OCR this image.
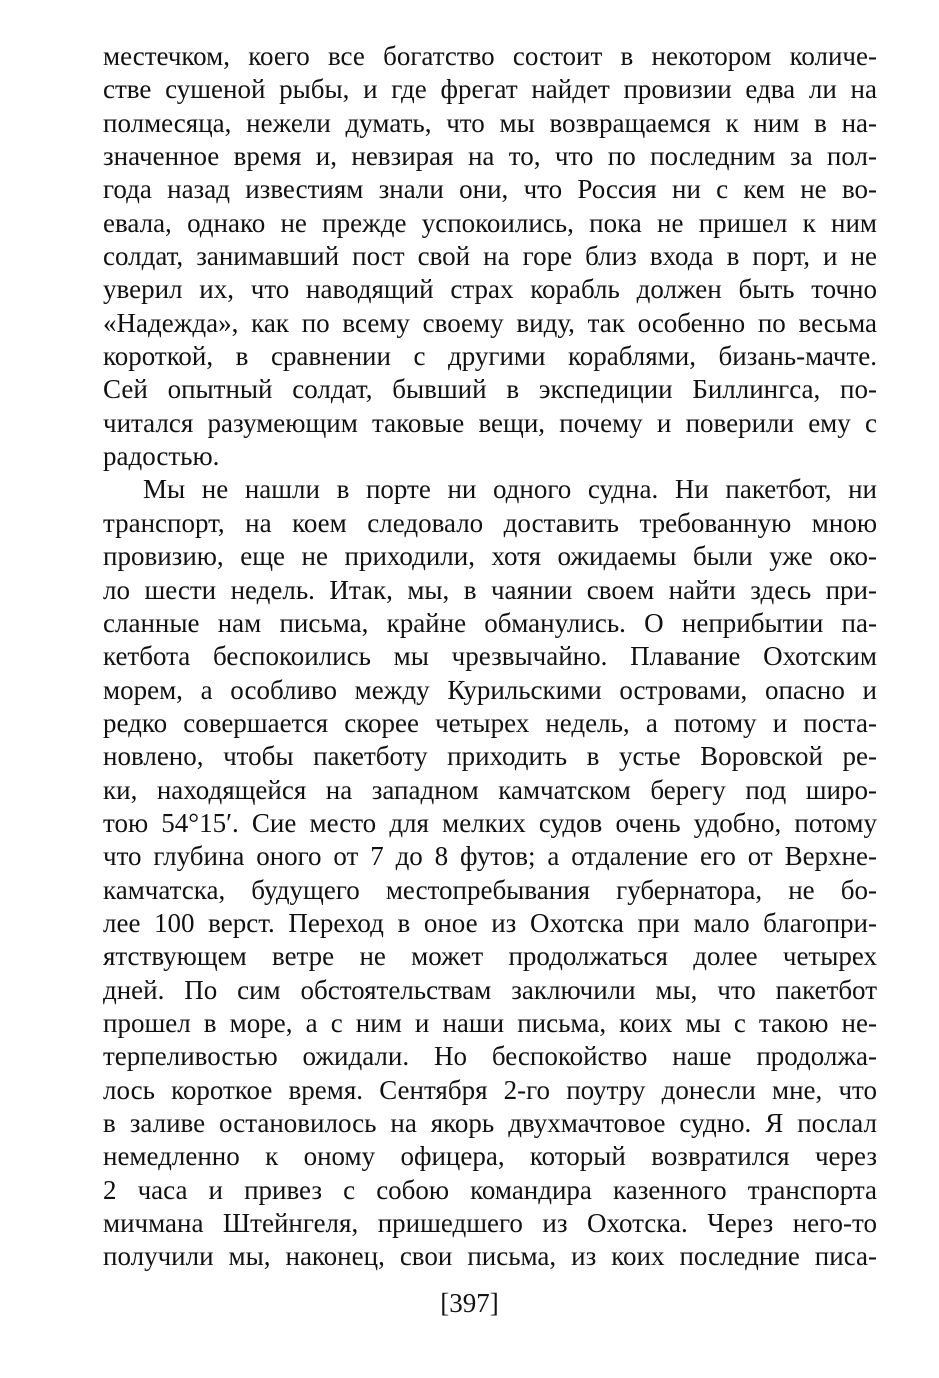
местечком, коего все богатство состоит в некотором количе-
стве сушеной рыбы, и где фрегат найдет провизии едва ли на
полмесяца, нежели думать, что мы возвращаемся к ним в на-
значенное время и, невзирая на то, что по последним за пол-
года назад известиям знали они, что Россия ни с кем не во-
евала, однако не прежде успокоились, пока не пришел к ним
солдат, занимавший пост свой на горе близ входа в порт, и не
уверил их, что наводящий страх корабль должен быть точно
«Надежда», как по всему своему виду, так особенно по весьма
короткой, в сравнении с другими кораблями, бизань-мачте.
Сей опытный солдат, бывший в экспедиции Биллингса, по-
читался разумеющим таковые вещи, почему и поверили ему с
радостью.
Мы не нашли в порте ни одного судна. Ни пакетбот, ни
транспорт, на коем следовало доставить требованную мною
провизию, еще не приходили, хотя ожидаемы были уже око-
ло шести недель. Итак, мы, в чаянии своем найти здесь при-
сланные нам письма, крайне обманулись. О неприбытии па-
кетбота беспокоились мы чрезвычайно. Плавание Охотским
морем, а особливо между Курильскими островами, опасно и
редко совершается скорее четырех недель, а потому и поста-
новлено, чтобы пакетботу приходить в устье Воровской ре-
ки, находящейся на западном камчатском берегу под широ-
тою 54°15′. Сие место для мелких судов очень удобно, потому
что глубина оного от 7 до 8 футов; а отдаление его от Верхне-
камчатска, будущего местопребывания губернатора, не бо-
лее 100 верст. Переход в оное из Охотска при мало благопри-
ятствующем ветре не может продолжаться долее четырех
дней. По сим обстоятельствам заключили мы, что пакетбот
прошел в море, а с ним и наши письма, коих мы с такою не-
терпеливостью ожидали. Но беспокойство наше продолжа-
лось короткое время. Сентября 2-го поутру донесли мне, что
в заливе остановилось на якорь двухмачтовое судно. Я послал
немедленно к оному офицера, который возвратился через
2 часа и привез с собою командира казенного транспорта
мичмана Штейнгеля, пришедшего из Охотска. Через него-то
получили мы, наконец, свои письма, из коих последние писа-
[397]
